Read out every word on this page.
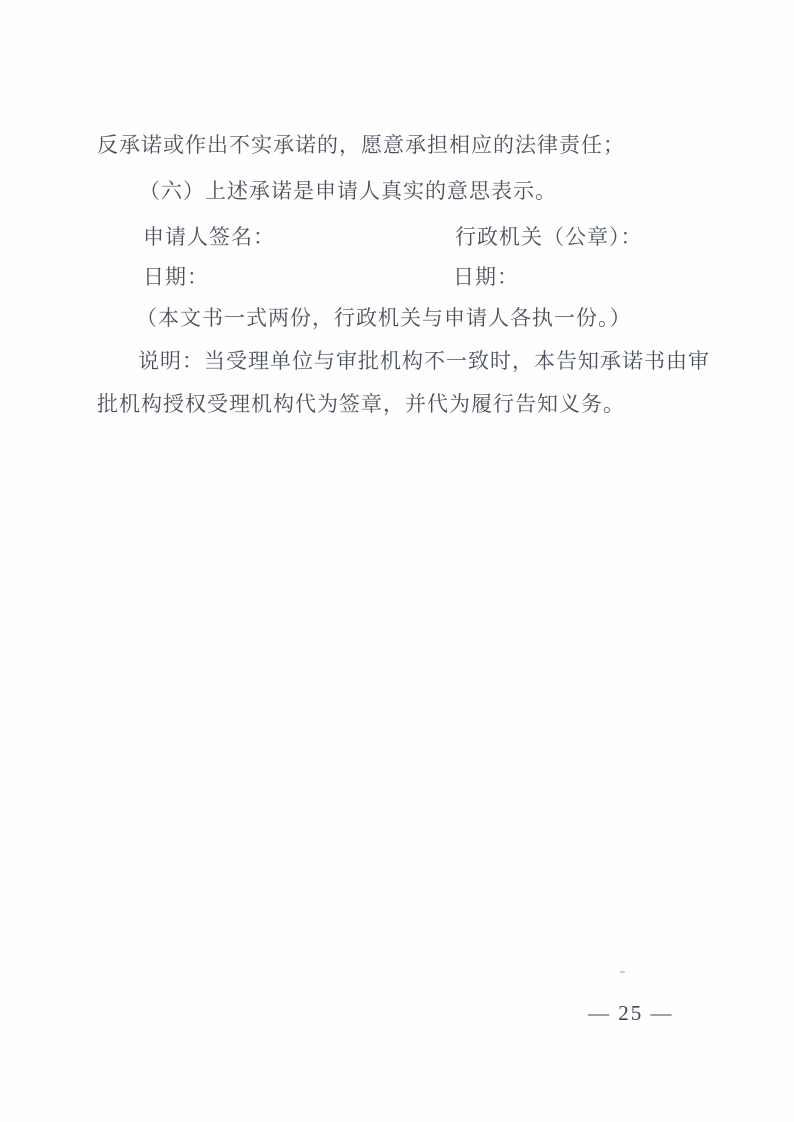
反承诺或作出不实承诺的，愿意承担相应的法律责任；

（六）上述承诺是申请人真实的意思表示。

申请人签名：	行政机关（公章）：

日期：	日期：

（本文书一式两份，行政机关与申请人各执一份。）

说明：当受理单位与审批机构不一致时，本告知承诺书由审

批机构授权受理机构代为签章，并代为履行告知义务。

— 25 —
